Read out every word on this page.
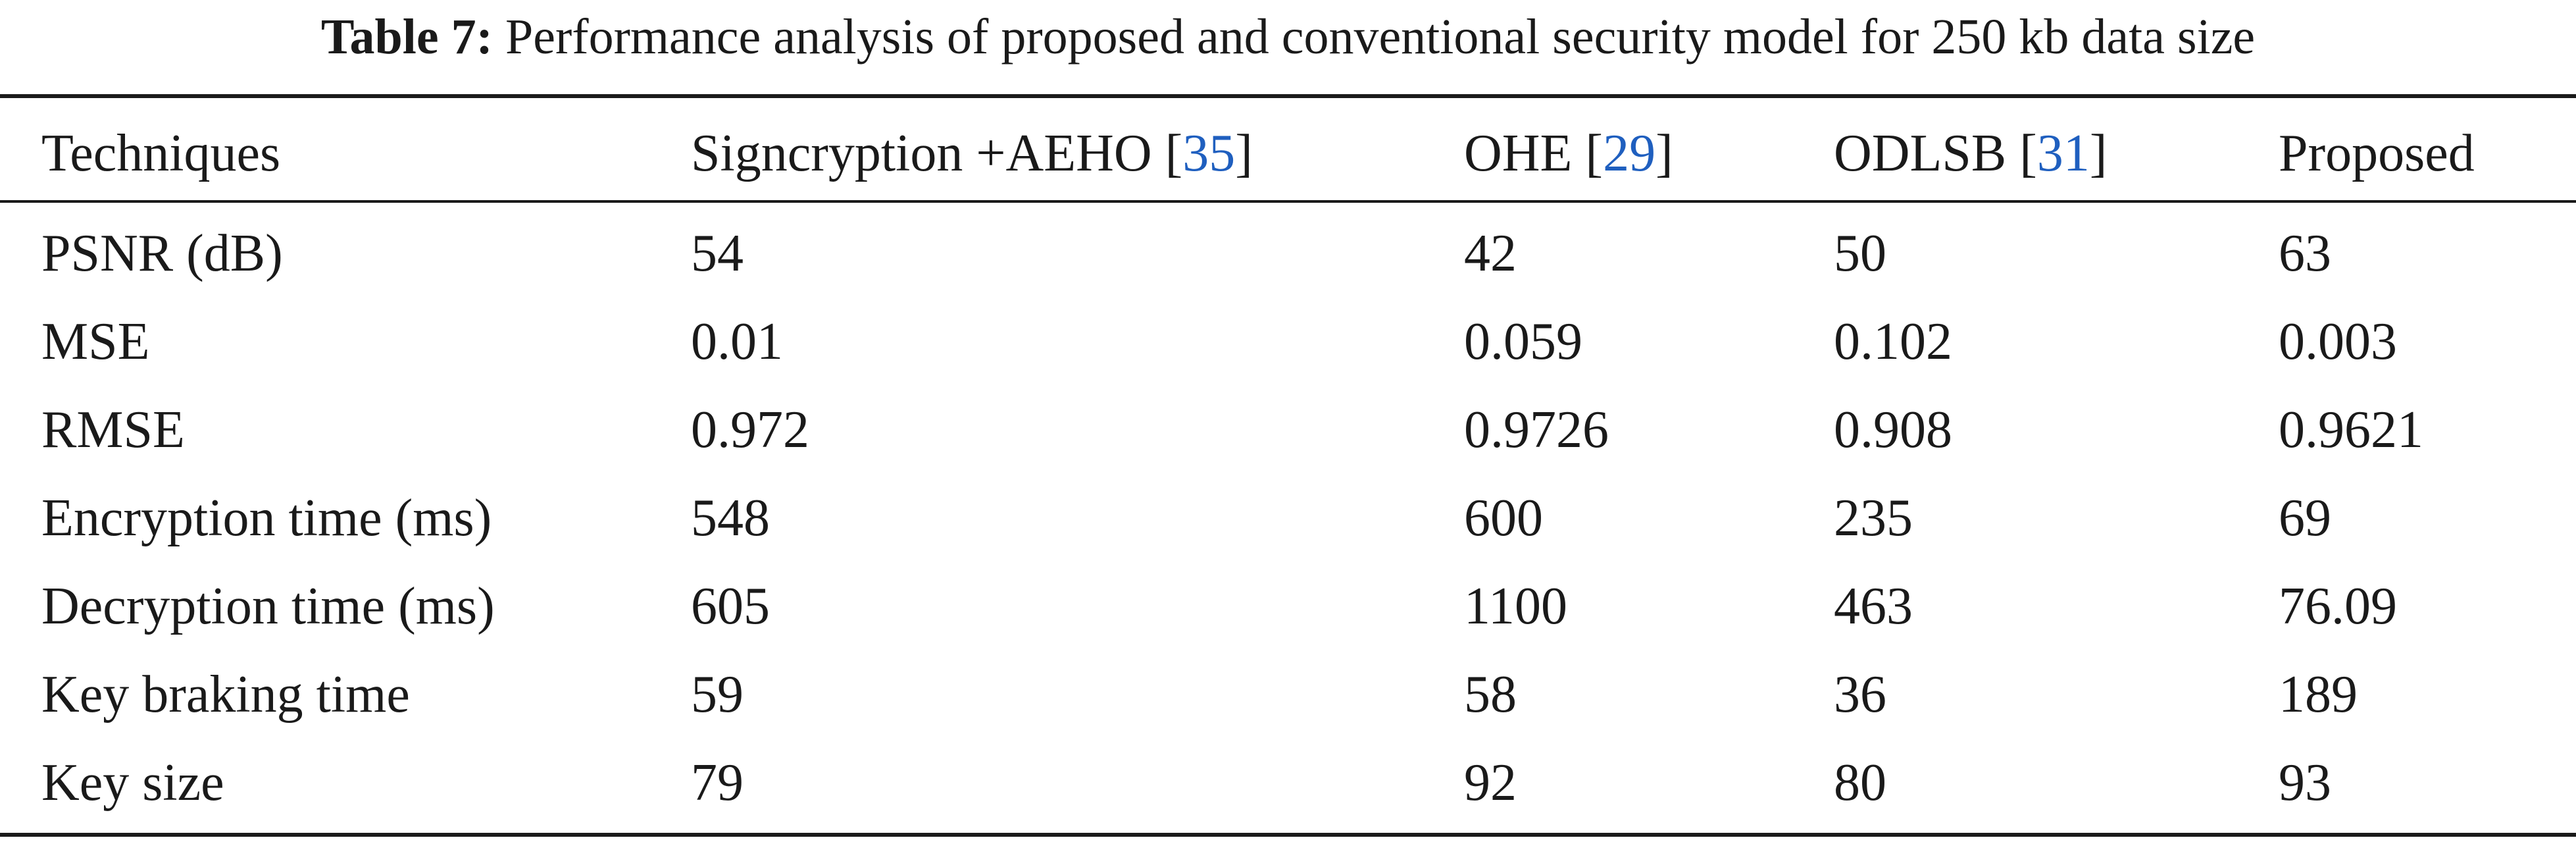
Table 7: Performance analysis of proposed and conventional security model for 250 kb data size
Techniques	Signcryption +AEHO [35]	OHE [29]	ODLSB [31]	Proposed
PSNR (dB)	54	42	50	63
MSE	0.01	0.059	0.102	0.003
RMSE	0.972	0.9726	0.908	0.9621
Encryption time (ms)	548	600	235	69
Decryption time (ms)	605	1100	463	76.09
Key braking time	59	58	36	189
Key size	79	92	80	93
